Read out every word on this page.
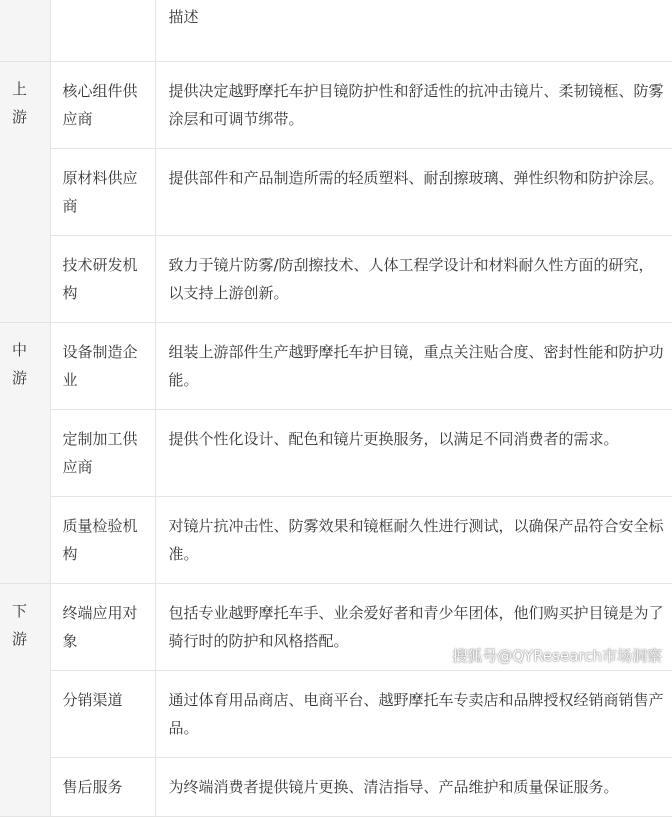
		描述

上游	核心组件供应商	提供决定越野摩托车护目镜防护性和舒适性的抗冲击镜片、柔韧镜框、防雾涂层和可调节绑带。
	原材料供应商	提供部件和产品制造所需的轻质塑料、耐刮擦玻璃、弹性织物和防护涂层。
	技术研发机构	致力于镜片防雾/防刮擦技术、人体工程学设计和材料耐久性方面的研究，以支持上游创新。

中游	设备制造企业	组装上游部件生产越野摩托车护目镜，重点关注贴合度、密封性能和防护功能。
	定制加工供应商	提供个性化设计、配色和镜片更换服务，以满足不同消费者的需求。
	质量检验机构	对镜片抗冲击性、防雾效果和镜框耐久性进行测试，以确保产品符合安全标准。

下游	终端应用对象	包括专业越野摩托车手、业余爱好者和青少年团体，他们购买护目镜是为了骑行时的防护和风格搭配。
	分销渠道	通过体育用品商店、电商平台、越野摩托车专卖店和品牌授权经销商销售产品。
	售后服务	为终端消费者提供镜片更换、清洁指导、产品维护和质量保证服务。
搜狐号@QYResearch市场洞察
